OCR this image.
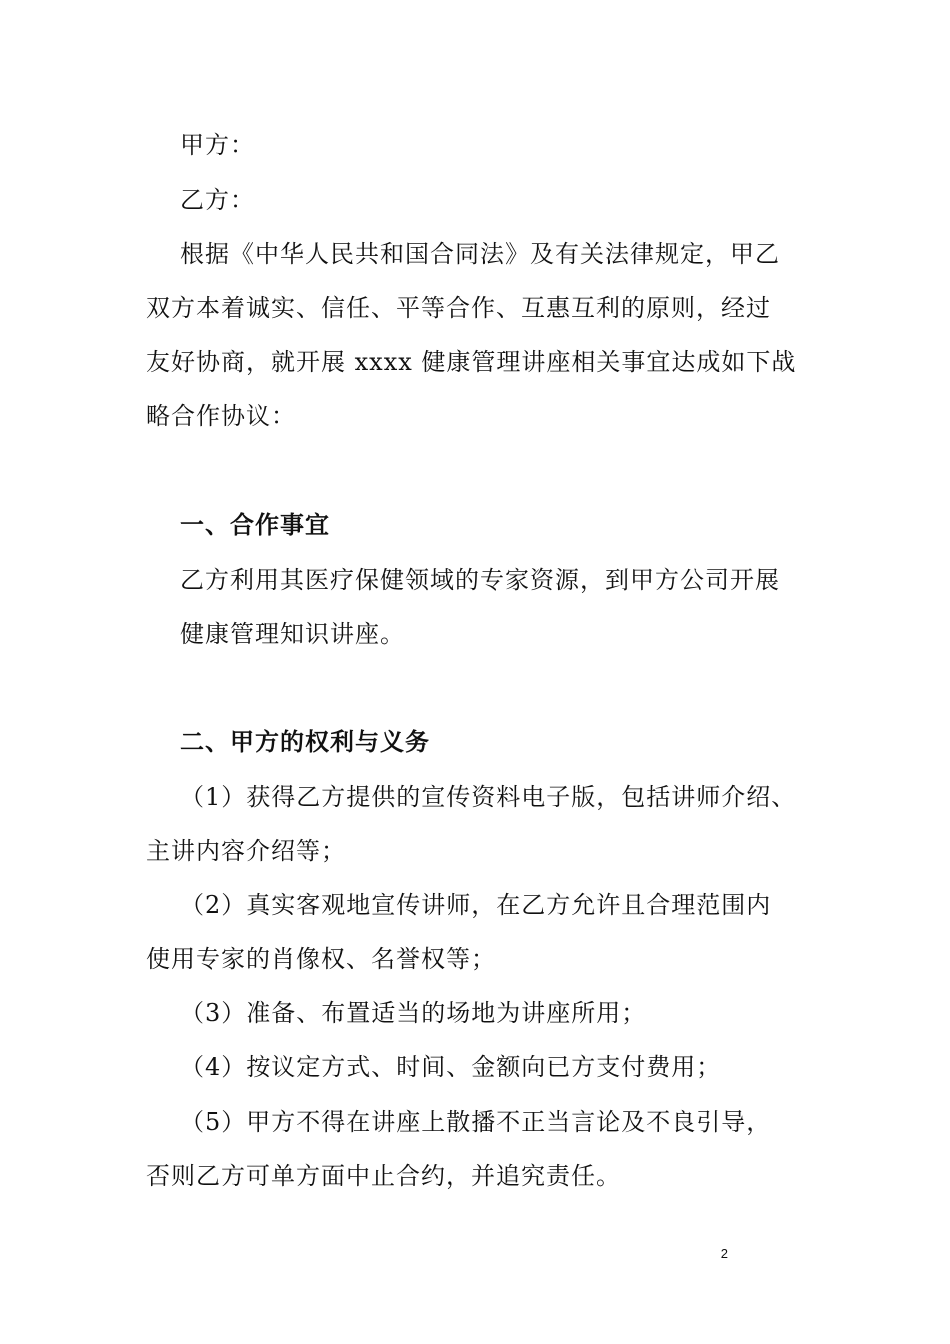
甲方：
乙方：
根据《中华人民共和国合同法》及有关法律规定，甲乙
双方本着诚实、信任、平等合作、互惠互利的原则，经过
友好协商，就开展 xxxx 健康管理讲座相关事宜达成如下战
略合作协议：
一、合作事宜
乙方利用其医疗保健领域的专家资源，到甲方公司开展
健康管理知识讲座。
二、甲方的权利与义务
（1）获得乙方提供的宣传资料电子版，包括讲师介绍、
主讲内容介绍等；
（2）真实客观地宣传讲师，在乙方允许且合理范围内
使用专家的肖像权、名誉权等；
（3）准备、布置适当的场地为讲座所用；
（4）按议定方式、时间、金额向已方支付费用；
（5）甲方不得在讲座上散播不正当言论及不良引导，
否则乙方可单方面中止合约，并追究责任。
2
